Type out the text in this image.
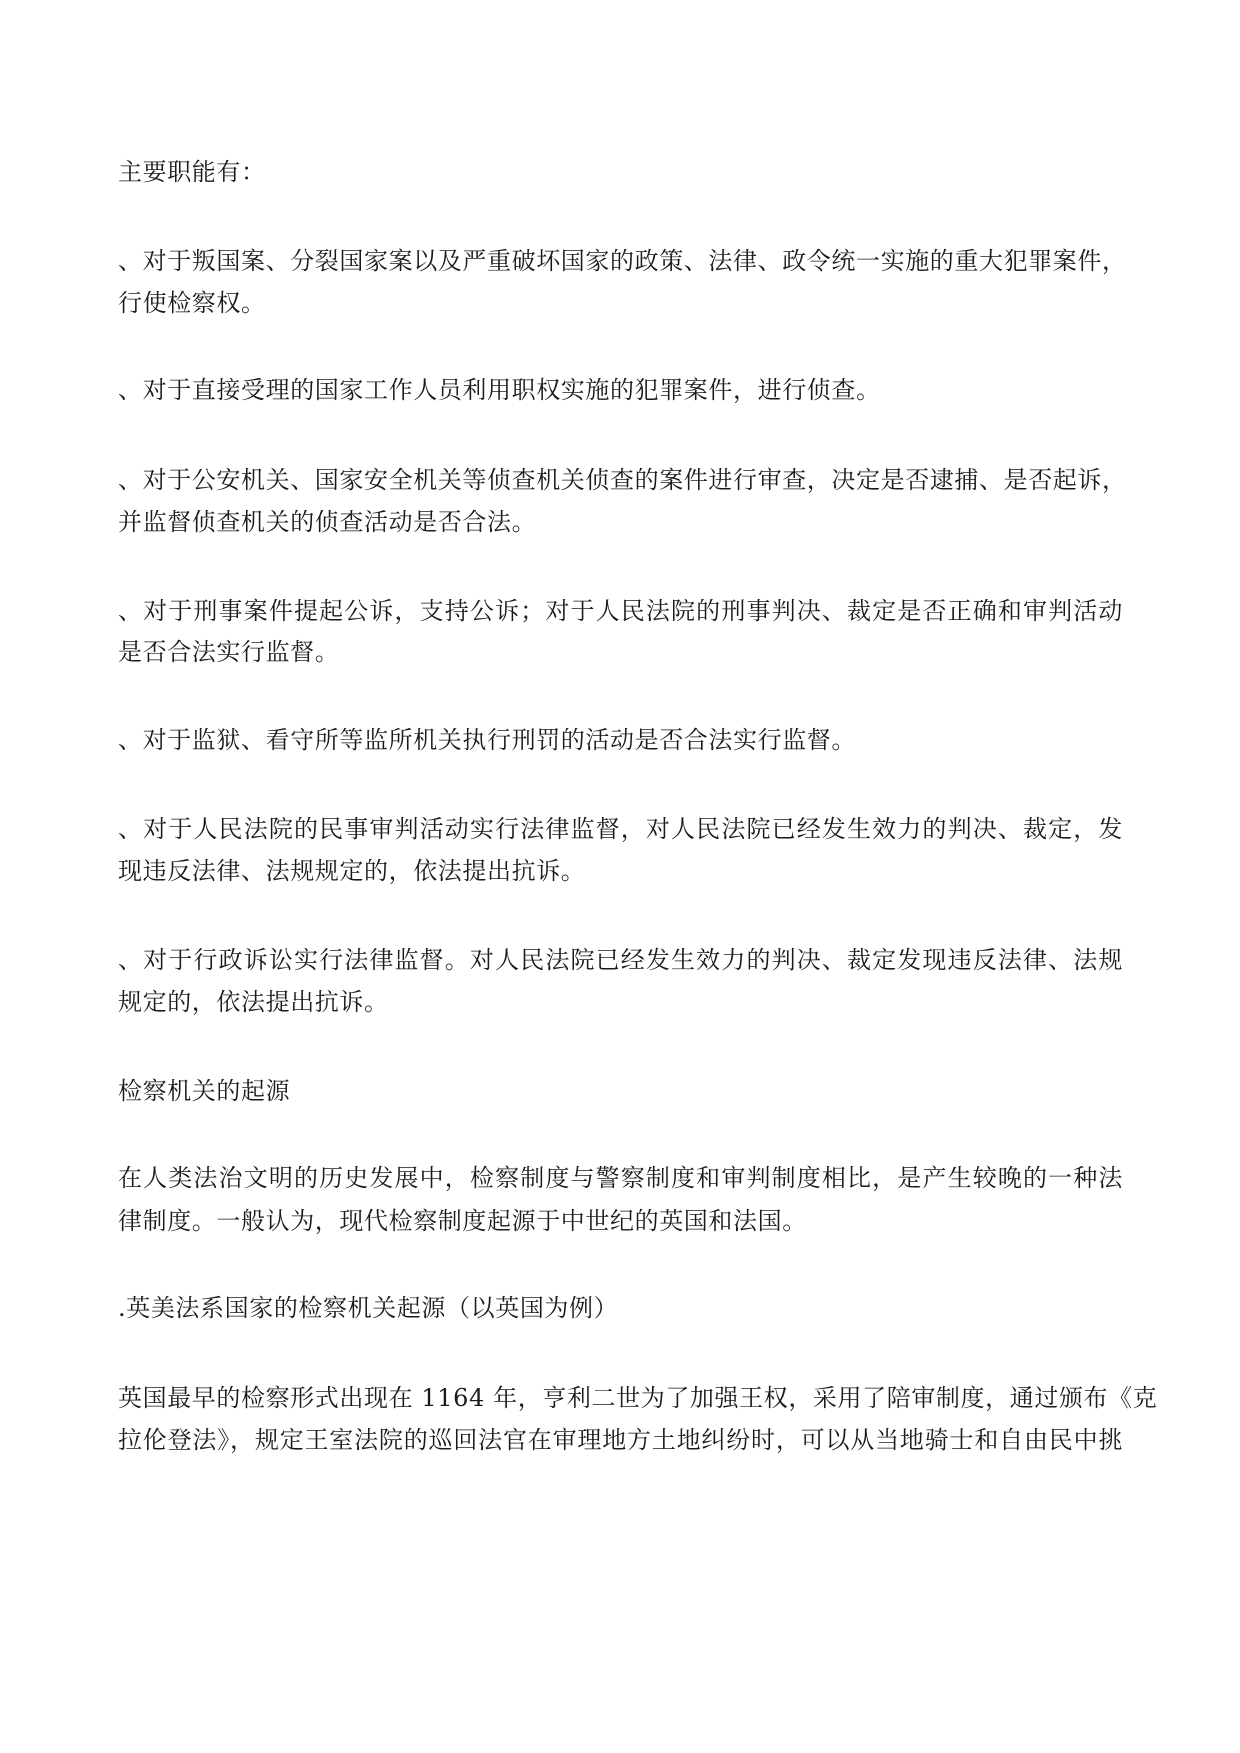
主要职能有：
、对于叛国案、分裂国家案以及严重破坏国家的政策、法律、政令统一实施的重大犯罪案件，
行使检察权。
、对于直接受理的国家工作人员利用职权实施的犯罪案件，进行侦查。
、对于公安机关、国家安全机关等侦查机关侦查的案件进行审查，决定是否逮捕、是否起诉，
并监督侦查机关的侦查活动是否合法。
、对于刑事案件提起公诉，支持公诉；对于人民法院的刑事判决、裁定是否正确和审判活动
是否合法实行监督。
、对于监狱、看守所等监所机关执行刑罚的活动是否合法实行监督。
、对于人民法院的民事审判活动实行法律监督，对人民法院已经发生效力的判决、裁定，发
现违反法律、法规规定的，依法提出抗诉。
、对于行政诉讼实行法律监督。对人民法院已经发生效力的判决、裁定发现违反法律、法规
规定的，依法提出抗诉。
检察机关的起源
在人类法治文明的历史发展中，检察制度与警察制度和审判制度相比，是产生较晚的一种法
律制度。一般认为，现代检察制度起源于中世纪的英国和法国。
.英美法系国家的检察机关起源（以英国为例）
英国最早的检察形式出现在 1164 年，亨利二世为了加强王权，采用了陪审制度，通过颁布《克
拉伦登法》，规定王室法院的巡回法官在审理地方土地纠纷时，可以从当地骑士和自由民中挑
